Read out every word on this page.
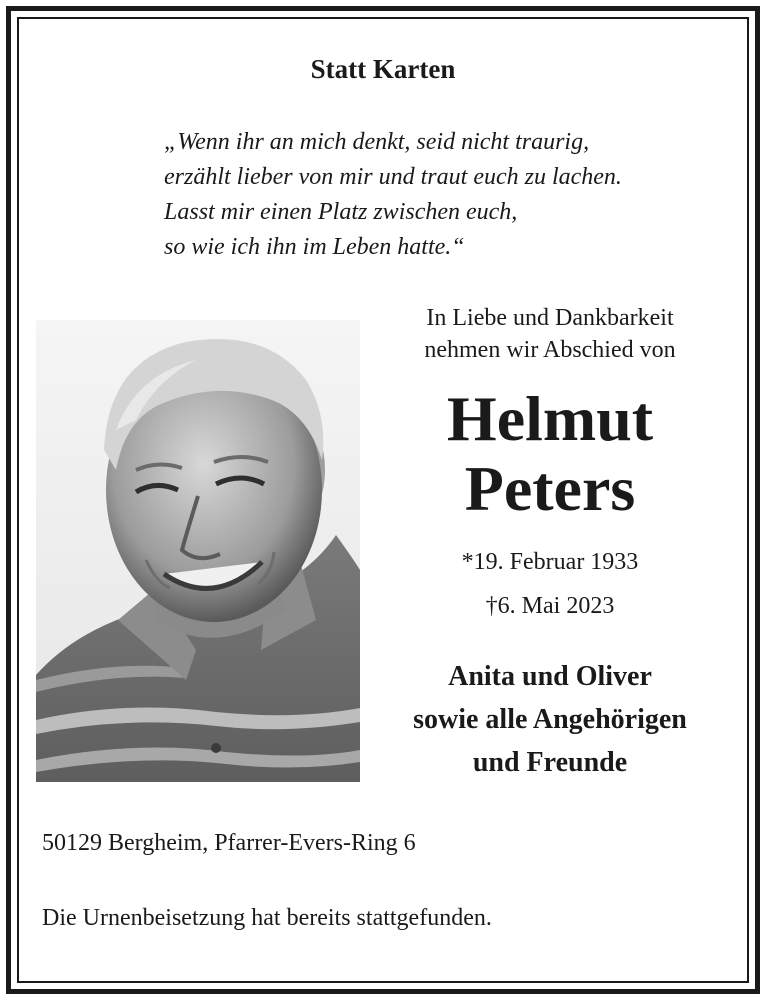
Statt Karten
„Wenn ihr an mich denkt, seid nicht traurig,
erzählt lieber von mir und traut euch zu lachen.
Lasst mir einen Platz zwischen euch,
so wie ich ihn im Leben hatte.“
In Liebe und Dankbarkeit
nehmen wir Abschied von
Helmut
Peters
*19. Februar 1933
†6. Mai 2023
Anita und Oliver
sowie alle Angehörigen
und Freunde
50129 Bergheim, Pfarrer-Evers-Ring 6
Die Urnenbeisetzung hat bereits stattgefunden.
